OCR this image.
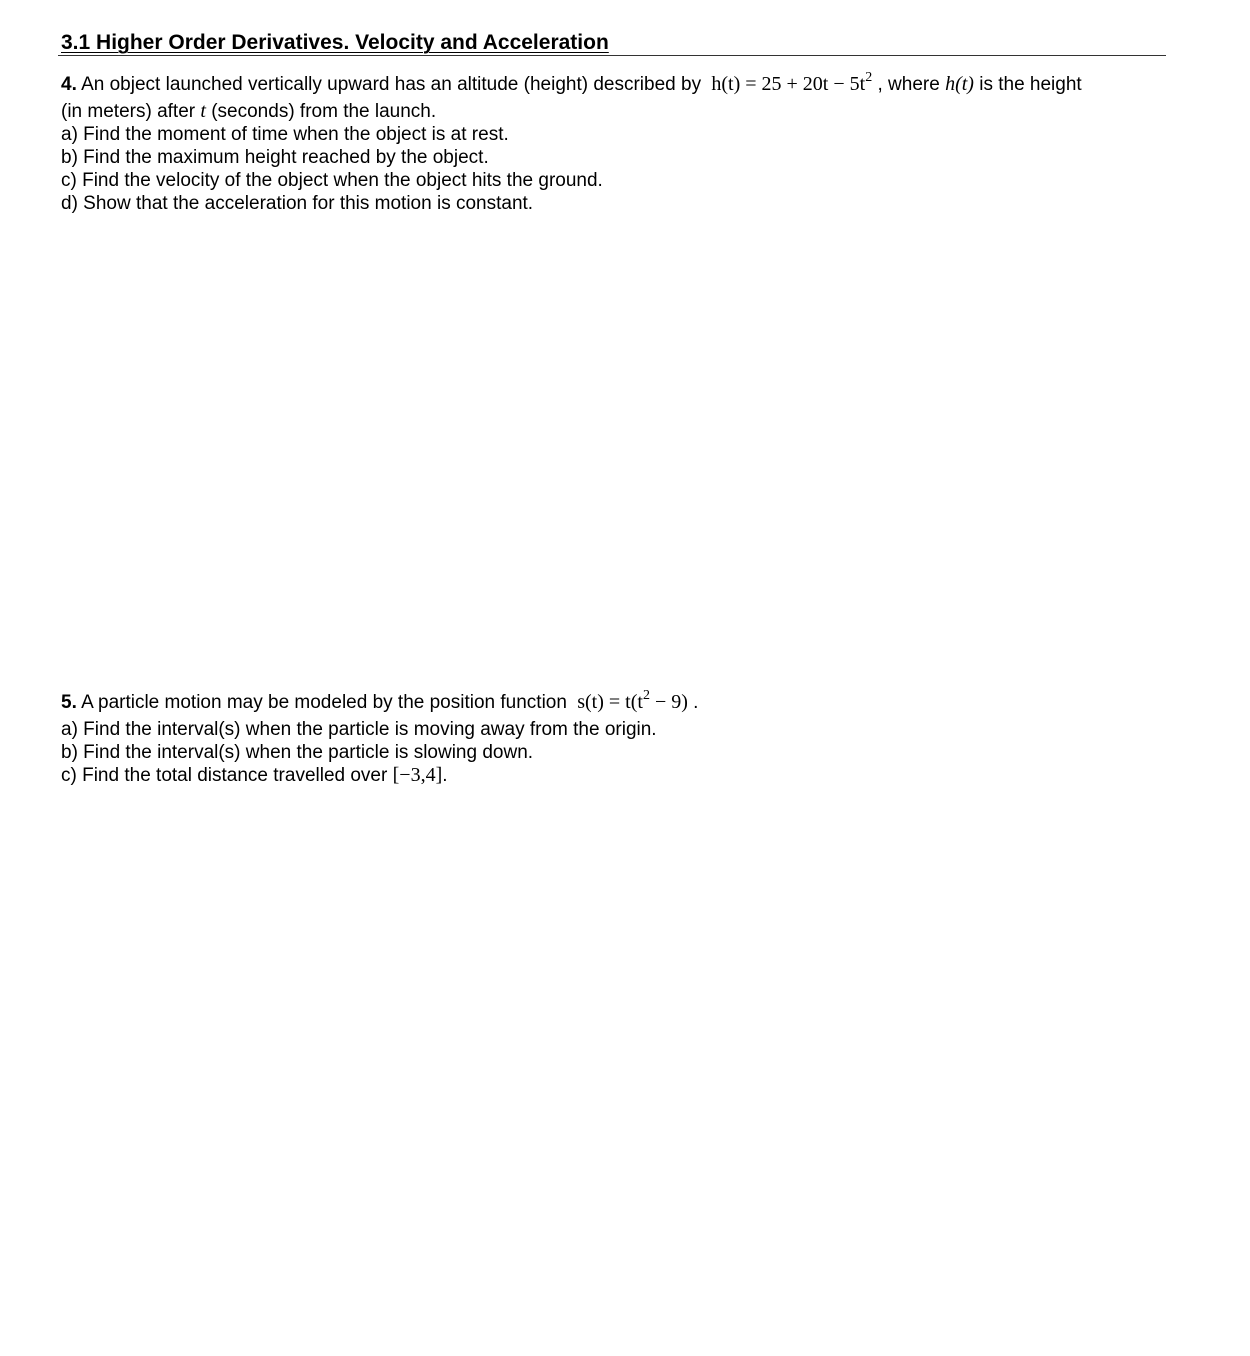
3.1 Higher Order Derivatives. Velocity and Acceleration
4. An object launched vertically upward has an altitude (height) described by $h(t) = 25 + 20t - 5t^2$ , where h(t) is the height
(in meters) after t (seconds) from the launch.
a) Find the moment of time when the object is at rest.
b) Find the maximum height reached by the object.
c) Find the velocity of the object when the object hits the ground.
d) Show that the acceleration for this motion is constant.
5. A particle motion may be modeled by the position function $s(t) = t(t^2 - 9)$ .
a) Find the interval(s) when the particle is moving away from the origin.
b) Find the interval(s) when the particle is slowing down.
c) Find the total distance travelled over [−3,4].
